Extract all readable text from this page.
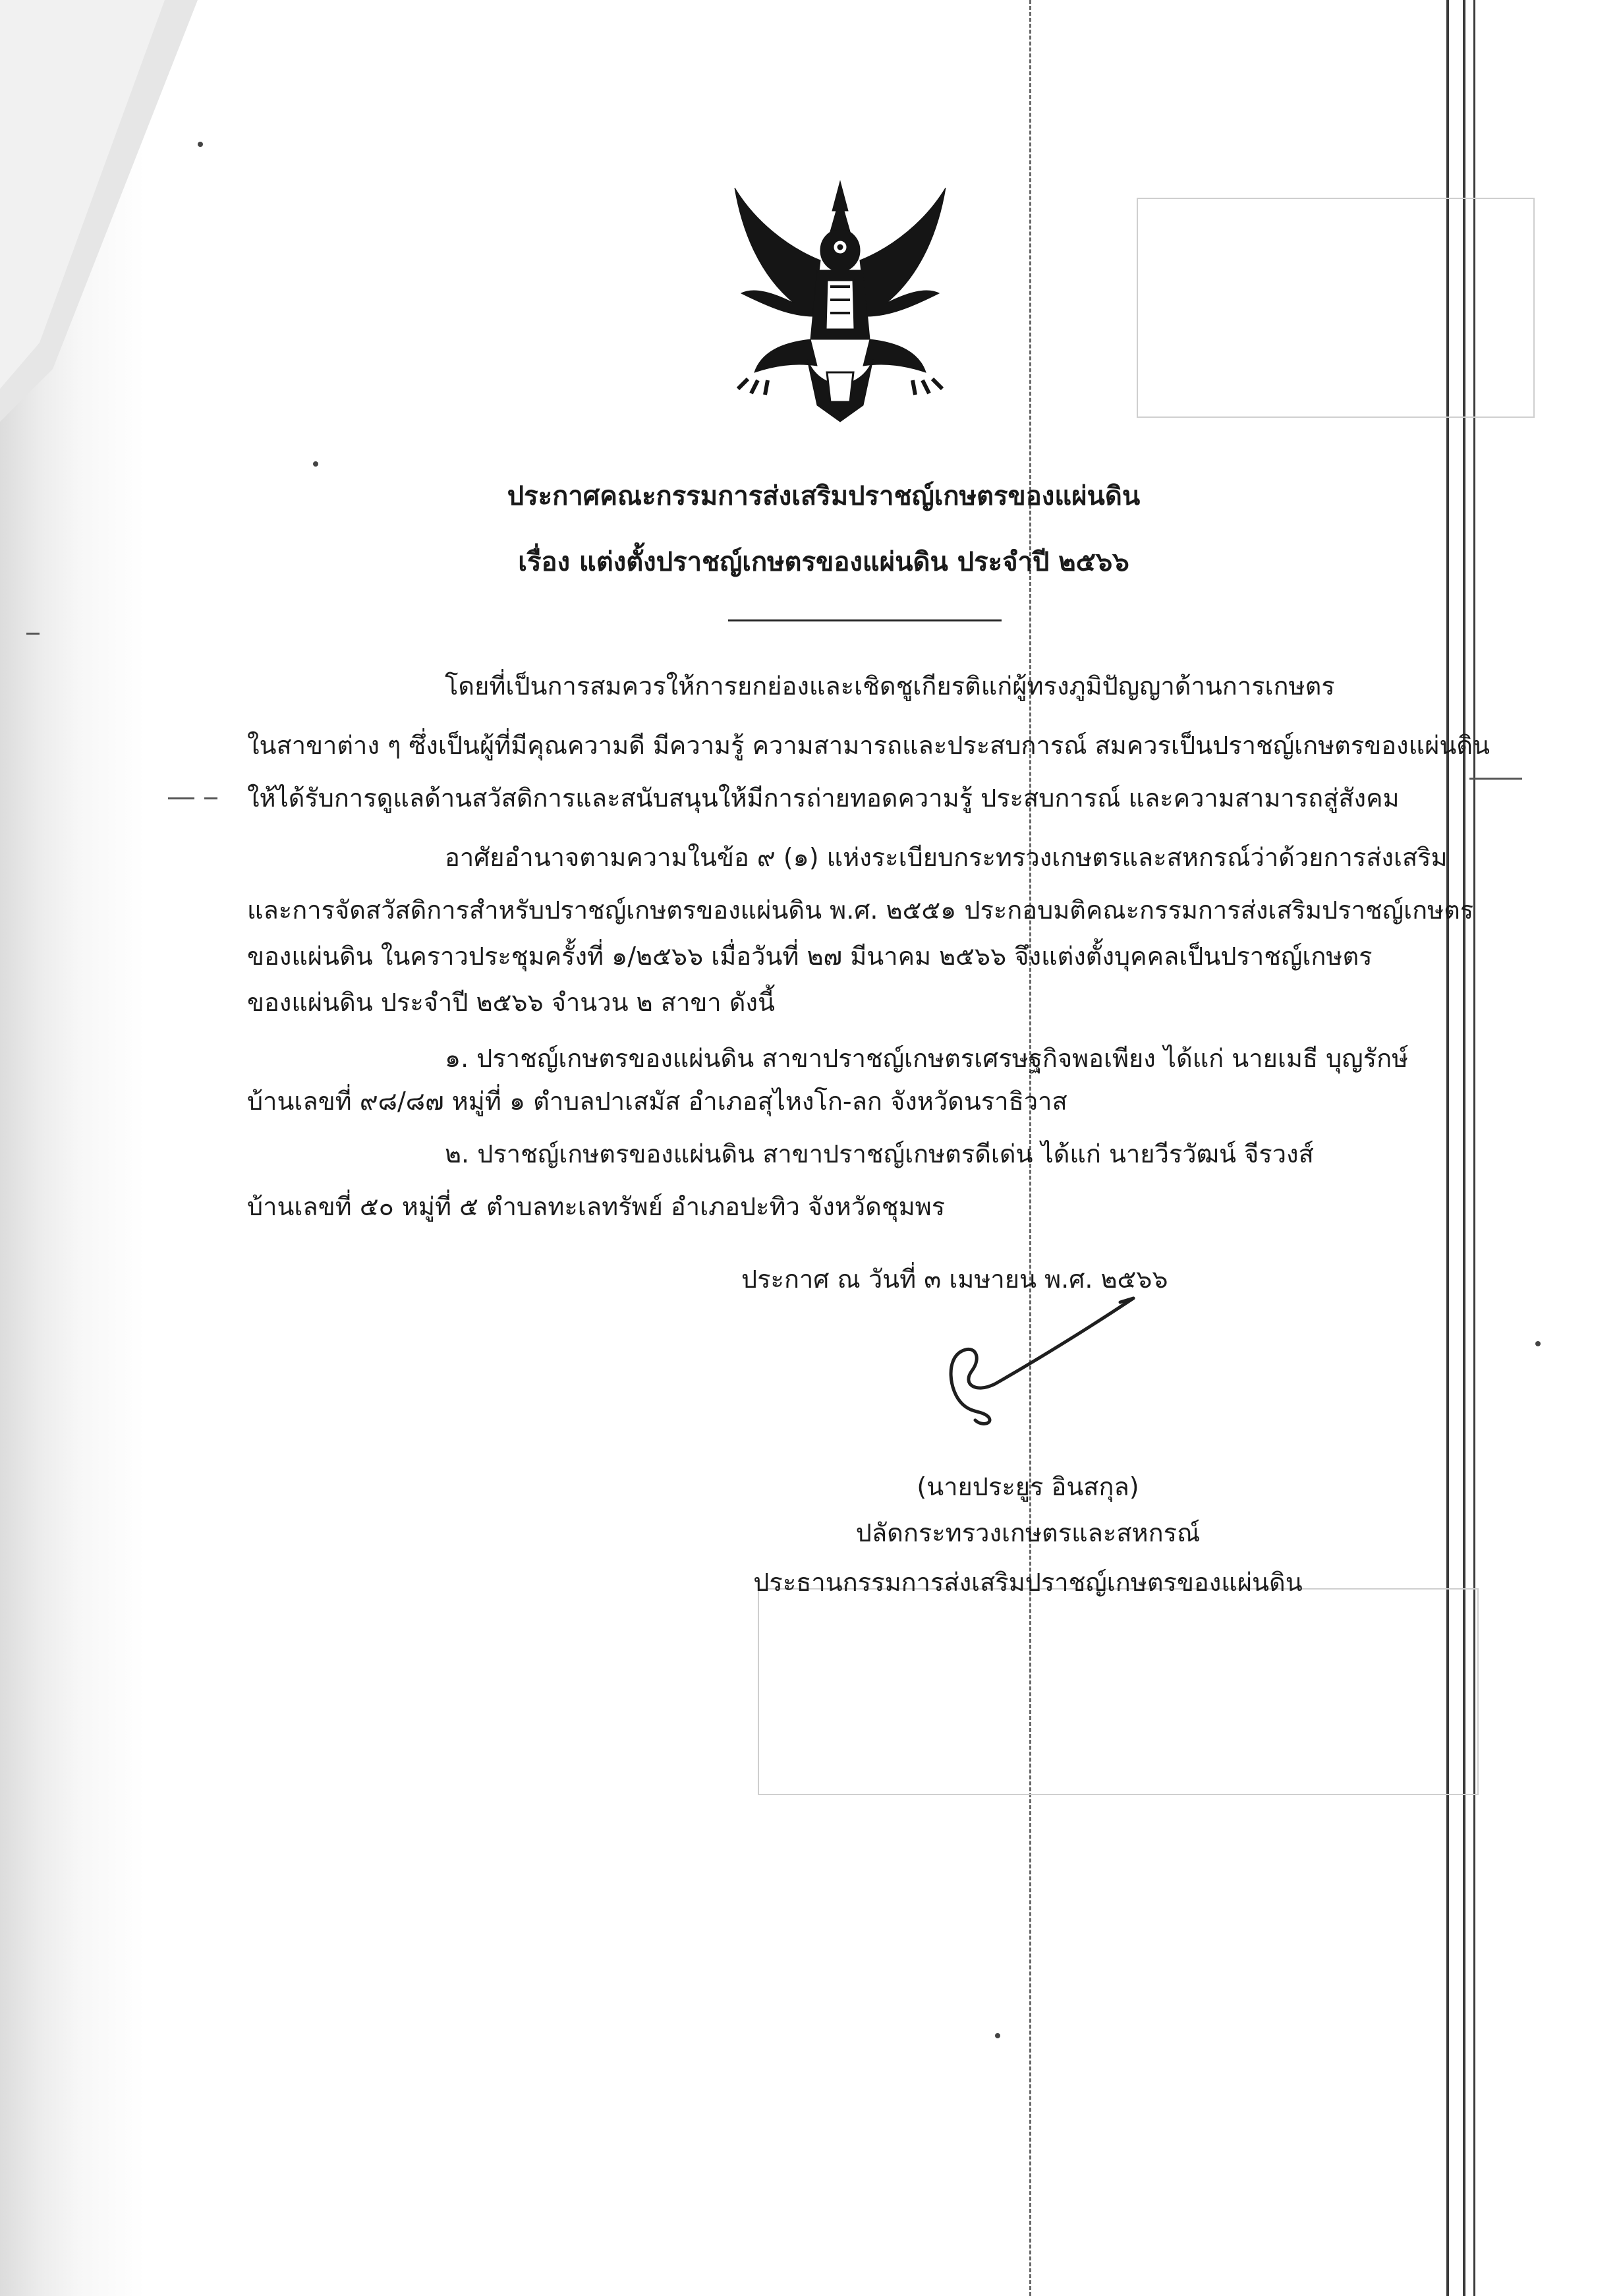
ประกาศคณะกรรมการส่งเสริมปราชญ์เกษตรของแผ่นดิน
เรื่อง แต่งตั้งปราชญ์เกษตรของแผ่นดิน ประจำปี ๒๕๖๖
โดยที่เป็นการสมควรให้การยกย่องและเชิดชูเกียรติแก่ผู้ทรงภูมิปัญญาด้านการเกษตร
ในสาขาต่าง ๆ ซึ่งเป็นผู้ที่มีคุณความดี มีความรู้ ความสามารถและประสบการณ์ สมควรเป็นปราชญ์เกษตรของแผ่นดิน
ให้ได้รับการดูแลด้านสวัสดิการและสนับสนุนให้มีการถ่ายทอดความรู้ ประสบการณ์ และความสามารถสู่สังคม
อาศัยอำนาจตามความในข้อ ๙ (๑) แห่งระเบียบกระทรวงเกษตรและสหกรณ์ว่าด้วยการส่งเสริม
และการจัดสวัสดิการสำหรับปราชญ์เกษตรของแผ่นดิน พ.ศ. ๒๕๕๑ ประกอบมติคณะกรรมการส่งเสริมปราชญ์เกษตร
ของแผ่นดิน ในคราวประชุมครั้งที่ ๑/๒๕๖๖ เมื่อวันที่ ๒๗ มีนาคม ๒๕๖๖ จึงแต่งตั้งบุคคลเป็นปราชญ์เกษตร
ของแผ่นดิน ประจำปี ๒๕๖๖ จำนวน ๒ สาขา ดังนี้
๑. ปราชญ์เกษตรของแผ่นดิน สาขาปราชญ์เกษตรเศรษฐกิจพอเพียง ได้แก่ นายเมธี บุญรักษ์
บ้านเลขที่ ๙๘/๘๗ หมู่ที่ ๑ ตำบลปาเสมัส อำเภอสุไหงโก-ลก จังหวัดนราธิวาส
๒. ปราชญ์เกษตรของแผ่นดิน สาขาปราชญ์เกษตรดีเด่น ได้แก่ นายวีรวัฒน์ จีรวงส์
บ้านเลขที่ ๕๐ หมู่ที่ ๕ ตำบลทะเลทรัพย์ อำเภอปะทิว จังหวัดชุมพร
ประกาศ ณ วันที่ ๓ เมษายน พ.ศ. ๒๕๖๖
(นายประยูร อินสกุล)
ปลัดกระทรวงเกษตรและสหกรณ์
ประธานกรรมการส่งเสริมปราชญ์เกษตรของแผ่นดิน
